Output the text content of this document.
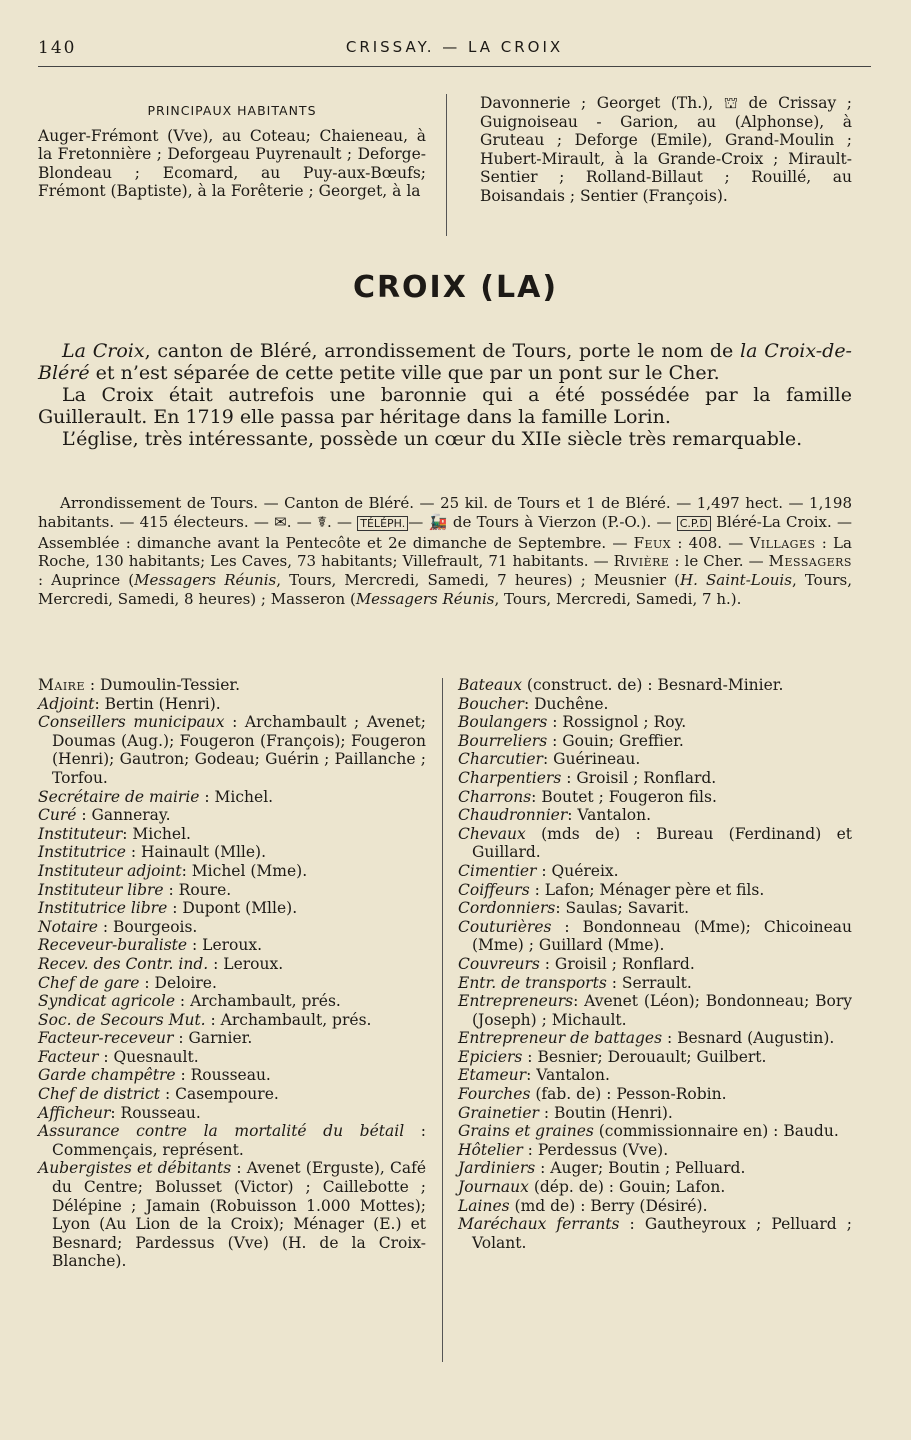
140	CRISSAY. — LA CROIX
PRINCIPAUX HABITANTS
Auger-Frémont (Vve), au Coteau; Chaieneau, à la Fretonnière ; Deforgeau Puyrenault ; Deforge-Blondeau ; Ecomard, au Puy-aux-Bœufs; Frémont (Baptiste), à la Forêterie ; Georget, à la
Davonnerie ; Georget (Th.), ⛫ de Crissay ; Guignoiseau - Garion, au (Alphonse), à Gruteau ; Deforge (Emile), Grand-Moulin ; Hubert-Mirault, à la Grande-Croix ; Mirault-Sentier ; Rolland-Billaut ; Rouillé, au Boisandais ; Sentier (François).
CROIX (LA)

La Croix, canton de Bléré, arrondissement de Tours, porte le nom de la Croix-de-Bléré et n’est séparée de cette petite ville que par un pont sur le Cher.

La Croix était autrefois une baronnie qui a été possédée par la famille Guillerault. En 1719 elle passa par héritage dans la famille Lorin.

L’église, très intéressante, possède un cœur du XIIe siècle très remarquable.

Arrondissement de Tours. — Canton de Bléré. — 25 kil. de Tours et 1 de Bléré. — 1,497 hect. — 1,198 habitants. — 415 électeurs. — ✉. — ☤. — TÉLÉPH. — 🚂 de Tours à Vierzon (P.-O.). — C.P.D Bléré-La Croix. — Assemblée : dimanche avant la Pentecôte et 2e dimanche de Septembre. — Feux : 408. — Villages : La Roche, 130 habitants; Les Caves, 73 habitants; Villefrault, 71 habitants. — Rivière : le Cher. — Messagers : Auprince (Messagers Réunis, Tours, Mercredi, Samedi, 7 heures) ; Meusnier (H. Saint-Louis, Tours, Mercredi, Samedi, 8 heures) ; Masseron (Messagers Réunis, Tours, Mercredi, Samedi, 7 h.).

Maire : Dumoulin-Tessier.

Adjoint: Bertin (Henri).

Conseillers municipaux : Archambault ; Avenet; Doumas (Aug.); Fougeron (François); Fougeron (Henri); Gautron; Godeau; Guérin ; Paillanche ; Torfou.

Secrétaire de mairie : Michel.

Curé : Ganneray.

Instituteur: Michel.

Institutrice : Hainault (Mlle).

Instituteur adjoint: Michel (Mme).

Instituteur libre : Roure.

Institutrice libre : Dupont (Mlle).

Notaire : Bourgeois.

Receveur-buraliste : Leroux.

Recev. des Contr. ind. : Leroux.

Chef de gare : Deloire.

Syndicat agricole : Archambault, prés.

Soc. de Secours Mut. : Archambault, prés.

Facteur-receveur : Garnier.

Facteur : Quesnault.

Garde champêtre : Rousseau.

Chef de district : Casempoure.

Afficheur: Rousseau.

Assurance contre la mortalité du bétail : Commençais, représent.

Aubergistes et débitants : Avenet (Erguste), Café du Centre; Bolusset (Victor) ; Caillebotte ; Délépine ; Jamain (Robuisson 1.000 Mottes); Lyon (Au Lion de la Croix); Ménager (E.) et Besnard; Pardessus (Vve) (H. de la Croix-Blanche).

Bateaux (construct. de) : Besnard-Minier.

Boucher: Duchêne.

Boulangers : Rossignol ; Roy.

Bourreliers : Gouin; Greffier.

Charcutier: Guérineau.

Charpentiers : Groisil ; Ronflard.

Charrons: Boutet ; Fougeron fils.

Chaudronnier: Vantalon.

Chevaux (mds de) : Bureau (Ferdinand) et Guillard.

Cimentier : Quéreix.

Coiffeurs : Lafon; Ménager père et fils.

Cordonniers: Saulas; Savarit.

Couturières : Bondonneau (Mme); Chicoineau (Mme) ; Guillard (Mme).

Couvreurs : Groisil ; Ronflard.

Entr. de transports : Serrault.

Entrepreneurs: Avenet (Léon); Bondonneau; Bory (Joseph) ; Michault.

Entrepreneur de battages : Besnard (Augustin).

Epiciers : Besnier; Derouault; Guilbert.

Etameur: Vantalon.

Fourches (fab. de) : Pesson-Robin.

Grainetier : Boutin (Henri).

Grains et graines (commissionnaire en) : Baudu.

Hôtelier : Perdessus (Vve).

Jardiniers : Auger; Boutin ; Pelluard.

Journaux (dép. de) : Gouin; Lafon.

Laines (md de) : Berry (Désiré).

Maréchaux ferrants : Gautheyroux ; Pelluard ; Volant.
